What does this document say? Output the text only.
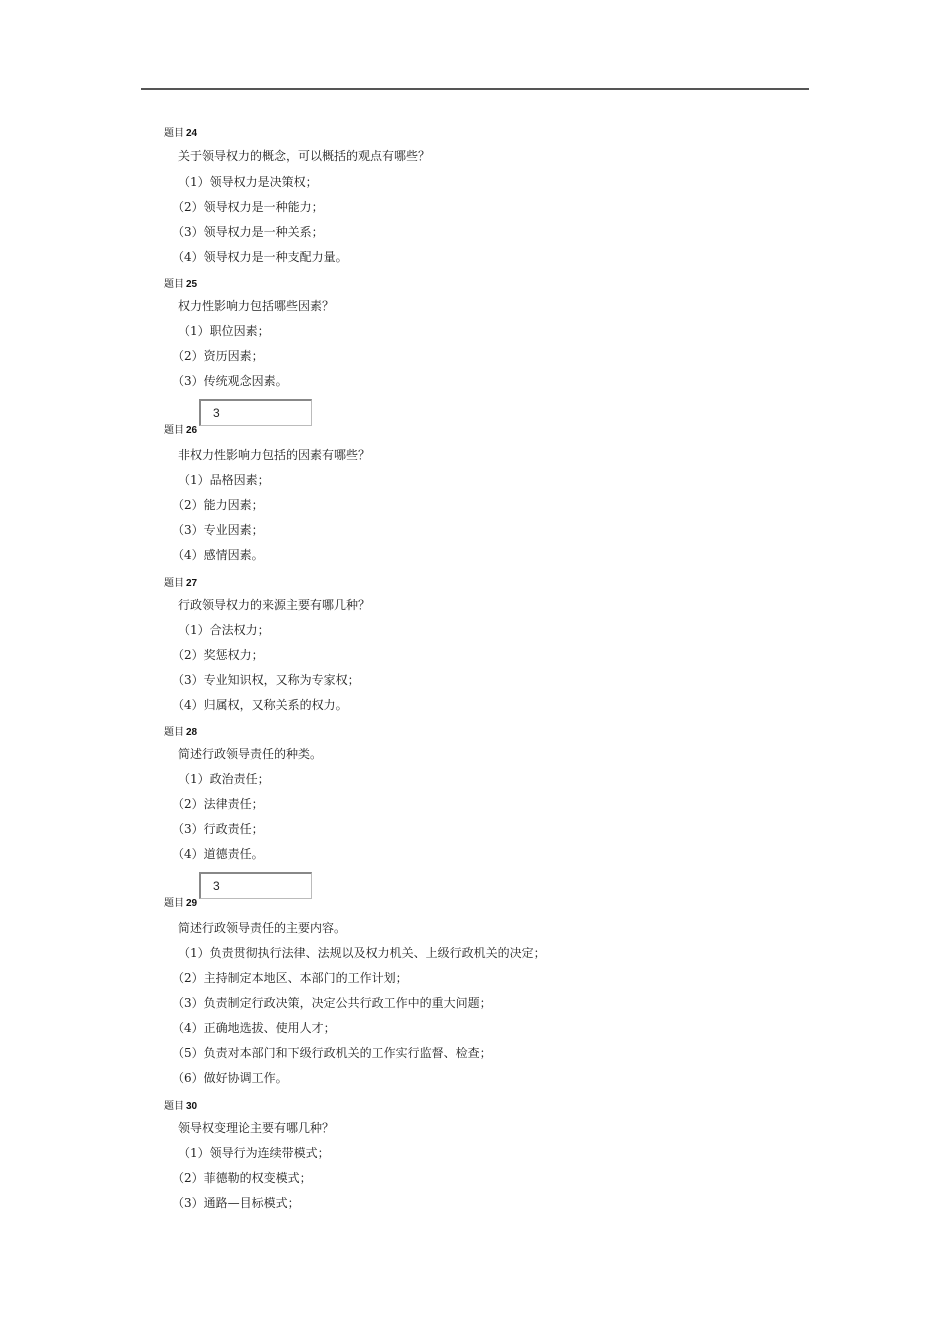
题目 24
关于领导权力的概念，可以概括的观点有哪些？
（1）领导权力是决策权；
（2）领导权力是一种能力；
（3）领导权力是一种关系；
（4）领导权力是一种支配力量。
3
题目 25
权力性影响力包括哪些因素？
（1）职位因素；
（2）资历因素；
（3）传统观念因素。
题目 26
非权力性影响力包括的因素有哪些？
（1）品格因素；
（2）能力因素；
（3）专业因素；
（4）感情因素。
题目 27
行政领导权力的来源主要有哪几种？
（1）合法权力；
（2）奖惩权力；
（3）专业知识权，又称为专家权；
（4）归属权，又称关系的权力。
3
题目 28
简述行政领导责任的种类。
（1）政治责任；
（2）法律责任；
（3）行政责任；
（4）道德责任。
题目 29
简述行政领导责任的主要内容。
（1）负责贯彻执行法律、法规以及权力机关、上级行政机关的决定；
（2）主持制定本地区、本部门的工作计划；
（3）负责制定行政决策，决定公共行政工作中的重大问题；
（4）正确地选拔、使用人才；
（5）负责对本部门和下级行政机关的工作实行监督、检查；
（6）做好协调工作。
题目 30
领导权变理论主要有哪几种？
（1）领导行为连续带模式；
（2）菲德勒的权变模式；
（3）通路—目标模式；
